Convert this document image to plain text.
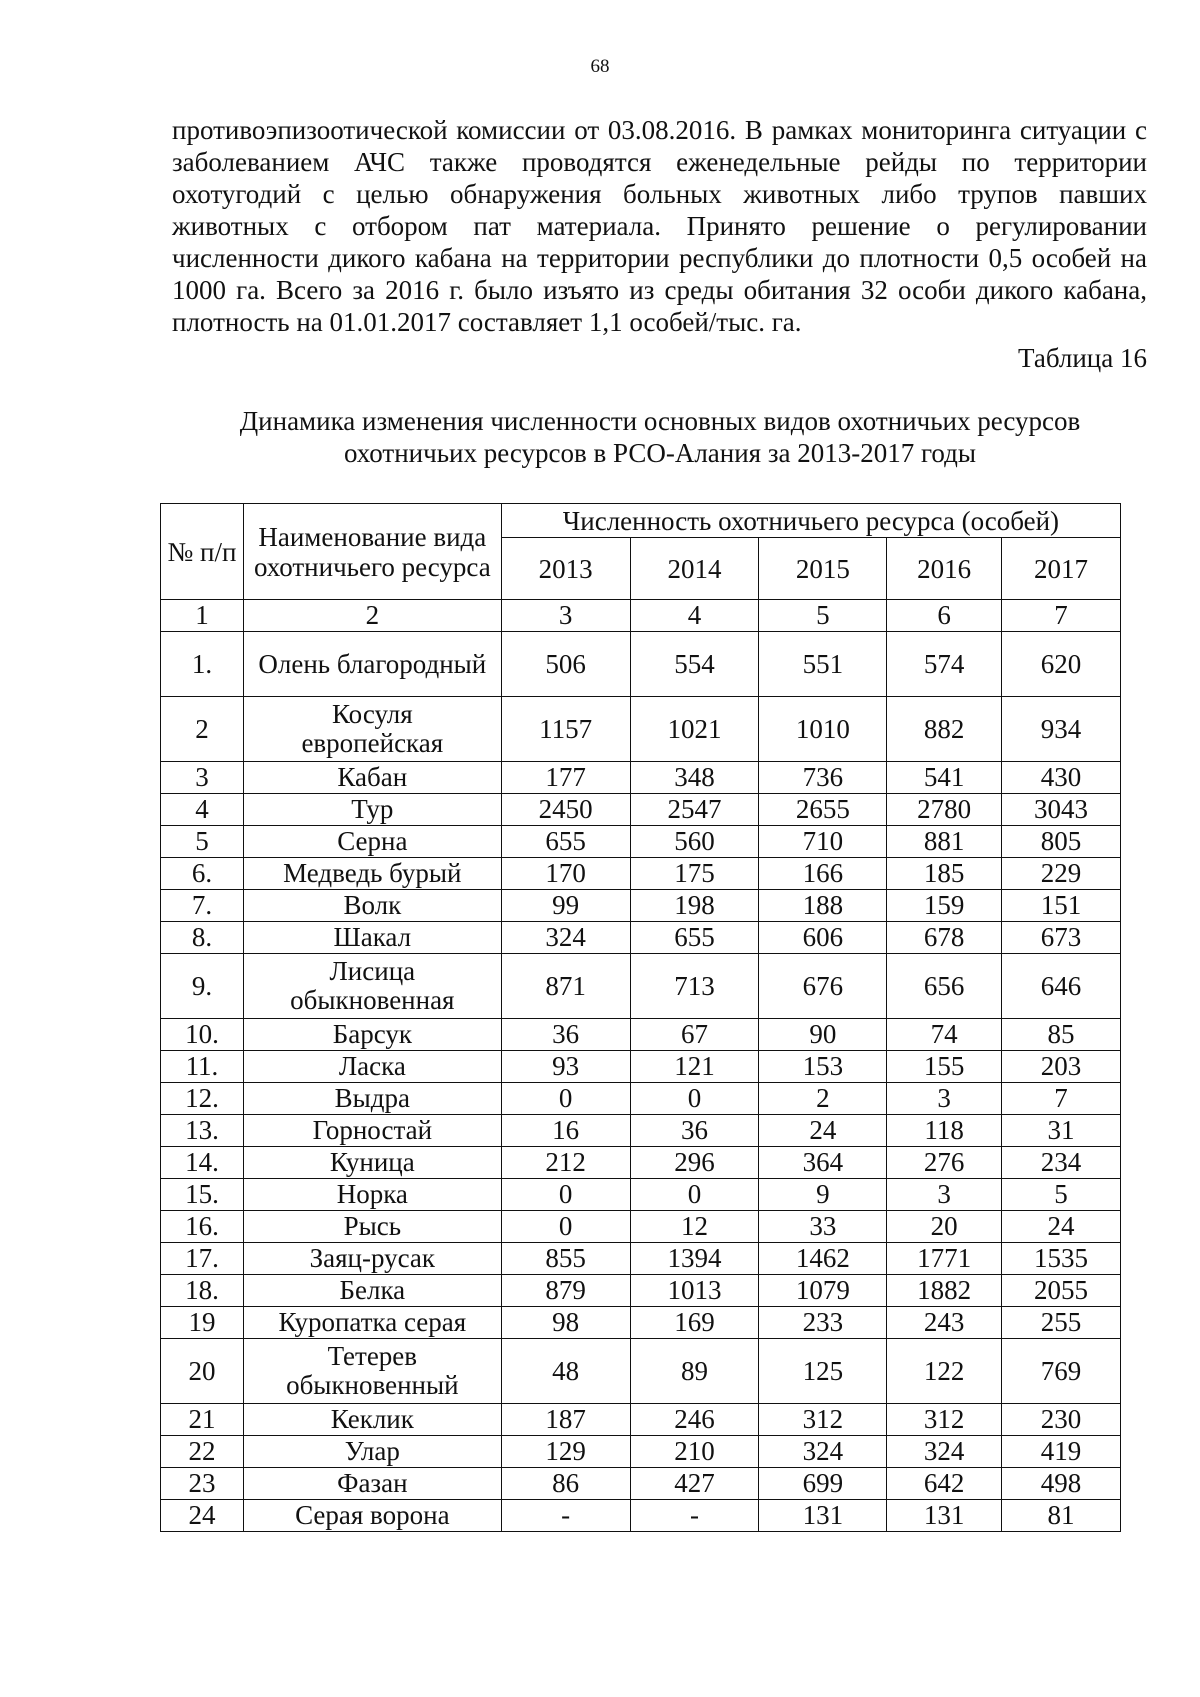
68

противоэпизоотической комиссии от 03.08.2016. В рамках мониторинга ситуации с заболеванием АЧС также проводятся еженедельные рейды по территории охотугодий с целью обнаружения больных животных либо трупов павших животных с отбором пат материала. Принято решение о регулировании численности дикого кабана на территории республики до плотности 0,5 особей на 1000 га. Всего за 2016 г. было изъято из среды обитания 32 особи дикого кабана, плотность на 01.01.2017 составляет 1,1 особей/тыс. га.

Таблица 16
Динамика изменения численности основных видов охотничьих ресурсов
охотничьих ресурсов в РСО-Алания за 2013-2017 годы
№ п/п	Наименование вида охотничьего ресурса	Численность охотничьего ресурса (особей)				
		2013	2014	2015	2016	2017
1	2	3	4	5	6	7
1.	Олень благородный	506	554	551	574	620
2	Косуля европейская	1157	1021	1010	882	934
3	Кабан	177	348	736	541	430
4	Тур	2450	2547	2655	2780	3043
5	Серна	655	560	710	881	805
6.	Медведь бурый	170	175	166	185	229
7.	Волк	99	198	188	159	151
8.	Шакал	324	655	606	678	673
9.	Лисица обыкновенная	871	713	676	656	646
10.	Барсук	36	67	90	74	85
11.	Ласка	93	121	153	155	203
12.	Выдра	0	0	2	3	7
13.	Горностай	16	36	24	118	31
14.	Куница	212	296	364	276	234
15.	Норка	0	0	9	3	5
16.	Рысь	0	12	33	20	24
17.	Заяц-русак	855	1394	1462	1771	1535
18.	Белка	879	1013	1079	1882	2055
19	Куропатка серая	98	169	233	243	255
20	Тетерев обыкновенный	48	89	125	122	769
21	Кеклик	187	246	312	312	230
22	Улар	129	210	324	324	419
23	Фазан	86	427	699	642	498
24	Серая ворона	-	-	131	131	81
